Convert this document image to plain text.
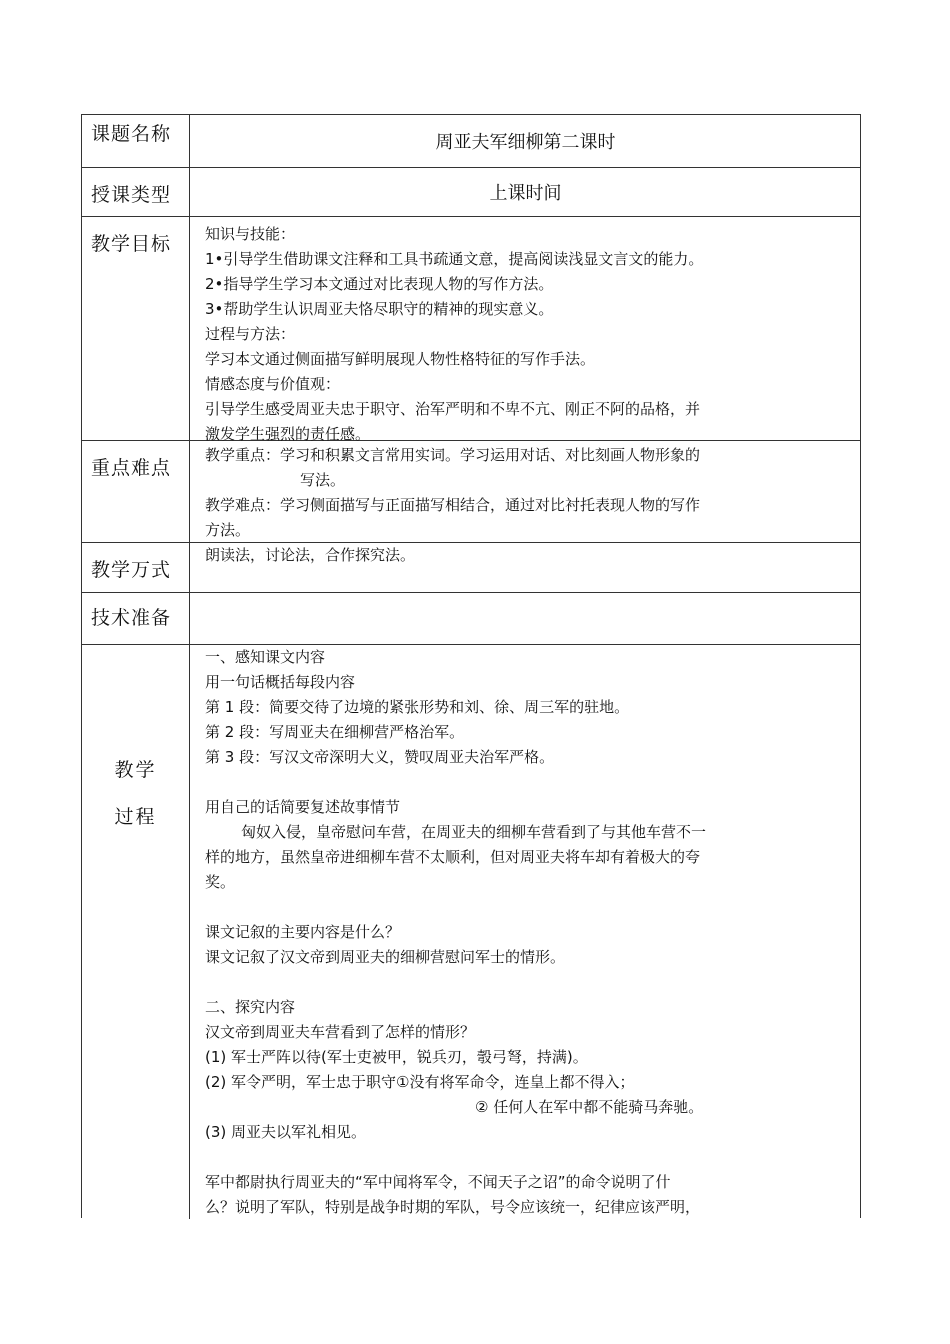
课题名称	周亚夫军细柳第二课时
授课类型	上课时间
教学目标 知识与技能：
1•引导学生借助课文注释和工具书疏通文意，提高阅读浅显文言文的能力。
2•指导学生学习本文通过对比表现人物的写作方法。
3•帮助学生认识周亚夫恪尽职守的精神的现实意义。
过程与方法：
学习本文通过侧面描写鲜明展现人物性格特征的写作手法。
情感态度与价值观：
引导学生感受周亚夫忠于职守、治军严明和不卑不亢、刚正不阿的品格，并
激发学生强烈的责任感。
重点难点
教学重点：学习和积累文言常用实词。学习运用对话、对比刻画人物形象的
写法。
教学难点：学习侧面描写与正面描写相结合，通过对比衬托表现人物的写作
方法。
教学万式
朗读法，讨论法，合作探究法。
技术准备
教学
过程
一、感知课文内容
用一句话概括每段内容
第 1 段：简要交待了边境的紧张形势和刘、徐、周三军的驻地。
第 2 段：写周亚夫在细柳营严格治军。
第 3 段：写汉文帝深明大义，赞叹周亚夫治军严格。
用自己的话简要复述故事情节
匈奴入侵，皇帝慰问车营，在周亚夫的细柳车营看到了与其他车营不一
样的地方，虽然皇帝进细柳车营不太顺利，但对周亚夫将车却有着极大的夸
奖。
课文记叙的主要内容是什么？
课文记叙了汉文帝到周亚夫的细柳营慰问军士的情形。
二、探究内容
汉文帝到周亚夫车营看到了怎样的情形？
(1) 军士严阵以待(军士吏被甲，锐兵刃，彀弓弩，持满)。
(2) 军令严明，军士忠于职守①没有将军命令，连皇上都不得入；
② 任何人在军中都不能骑马奔驰。
(3) 周亚夫以军礼相见。
军中都尉执行周亚夫的“军中闻将军令，不闻天子之诏”的命令说明了什
么？说明了军队，特别是战争时期的军队，号令应该统一，纪律应该严明，
